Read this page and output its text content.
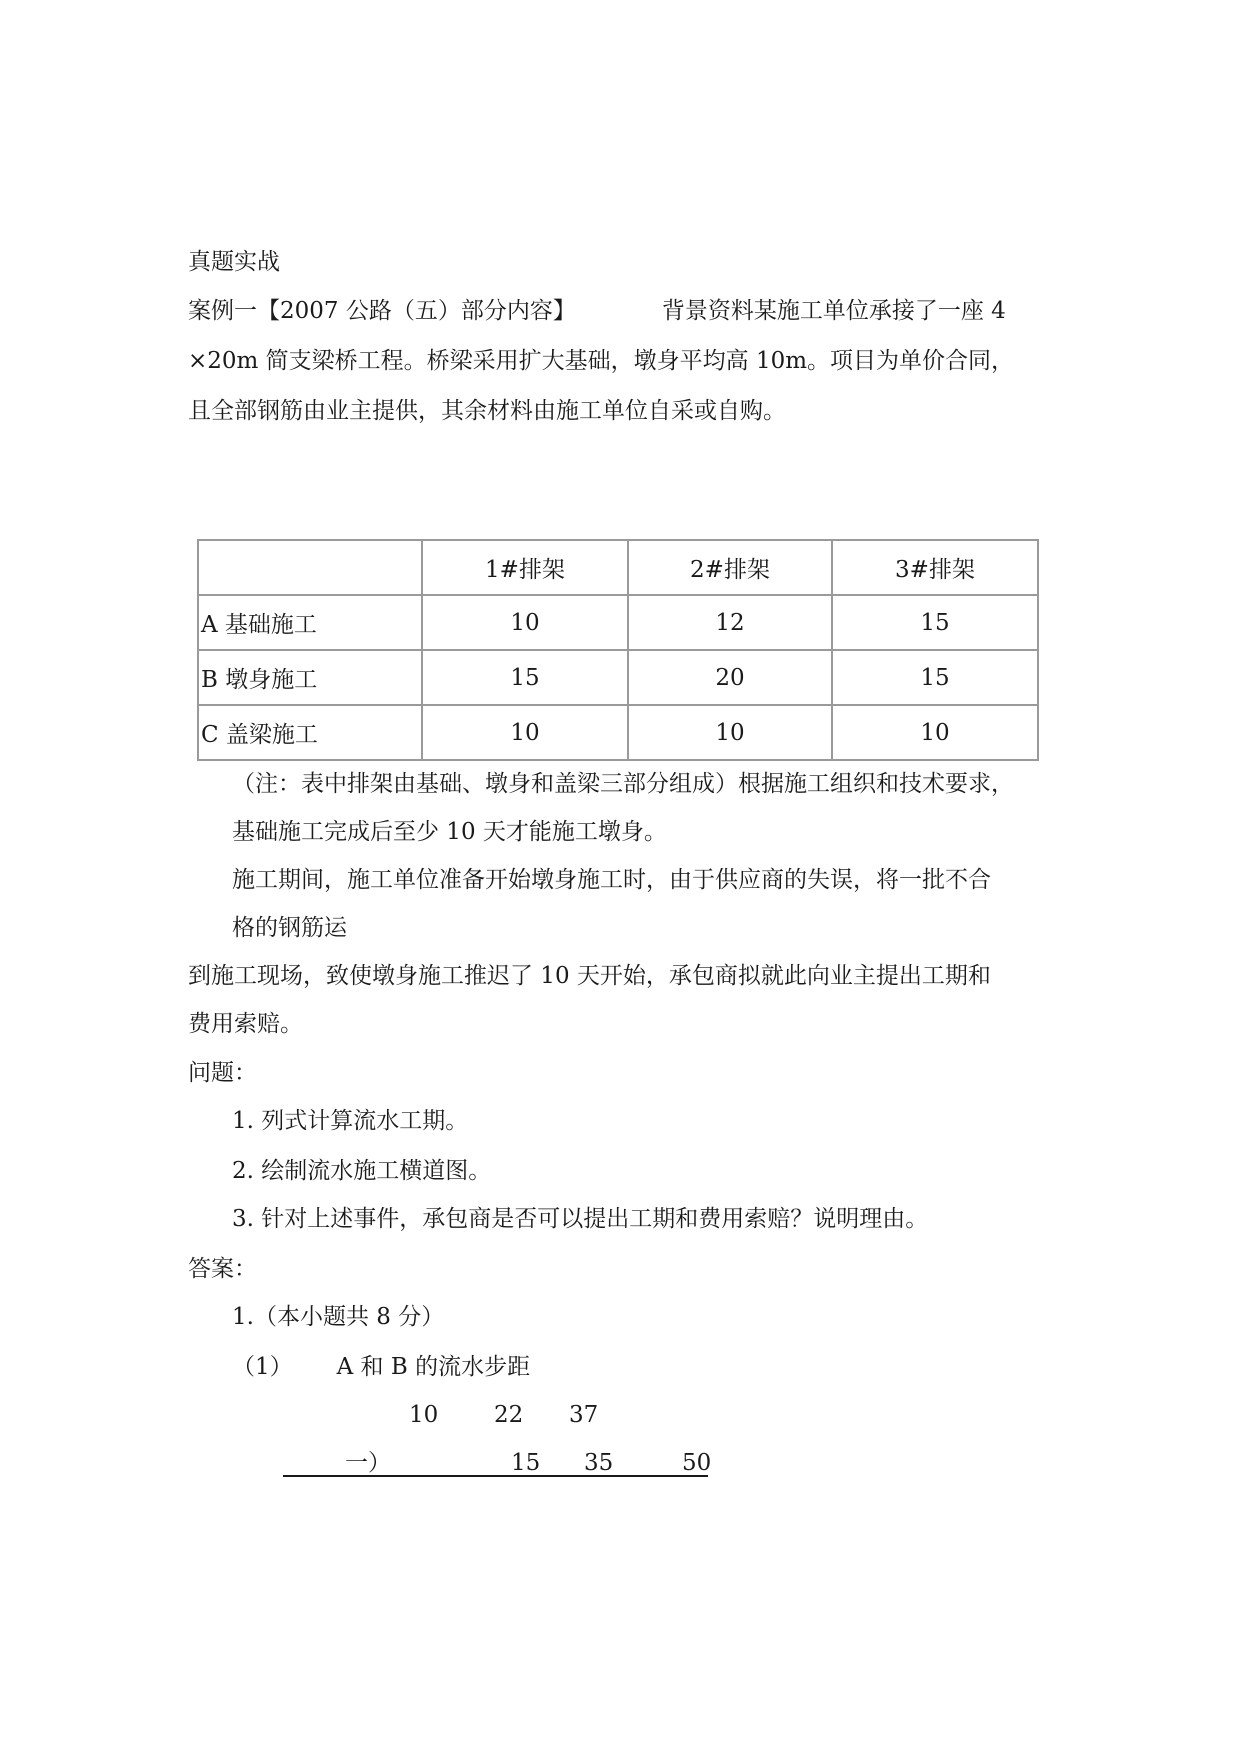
真题实战
案例一【2007 公路（五）部分内容】	背景资料某施工单位承接了一座 4
×20m 简支梁桥工程。桥梁采用扩大基础，墩身平均高 10m。项目为单价合同，
且全部钢筋由业主提供，其余材料由施工单位自采或自购。
	1#排架	2#排架	3#排架
A 基础施工	10	12	15
B 墩身施工	15	20	15
C 盖梁施工	10	10	10
（注：表中排架由基础、墩身和盖梁三部分组成）根据施工组织和技术要求，
基础施工完成后至少 10 天才能施工墩身。
施工期间，施工单位准备开始墩身施工时，由于供应商的失误，将一批不合
格的钢筋运
到施工现场，致使墩身施工推迟了 10 天开始，承包商拟就此向业主提出工期和
费用索赔。
问题：
1. 列式计算流水工期。
2. 绘制流水施工横道图。
3. 针对上述事件，承包商是否可以提出工期和费用索赔？说明理由。
答案：
1.（本小题共 8 分）
（1） A 和 B 的流水步距
10 22 37
一）	15 35	50
